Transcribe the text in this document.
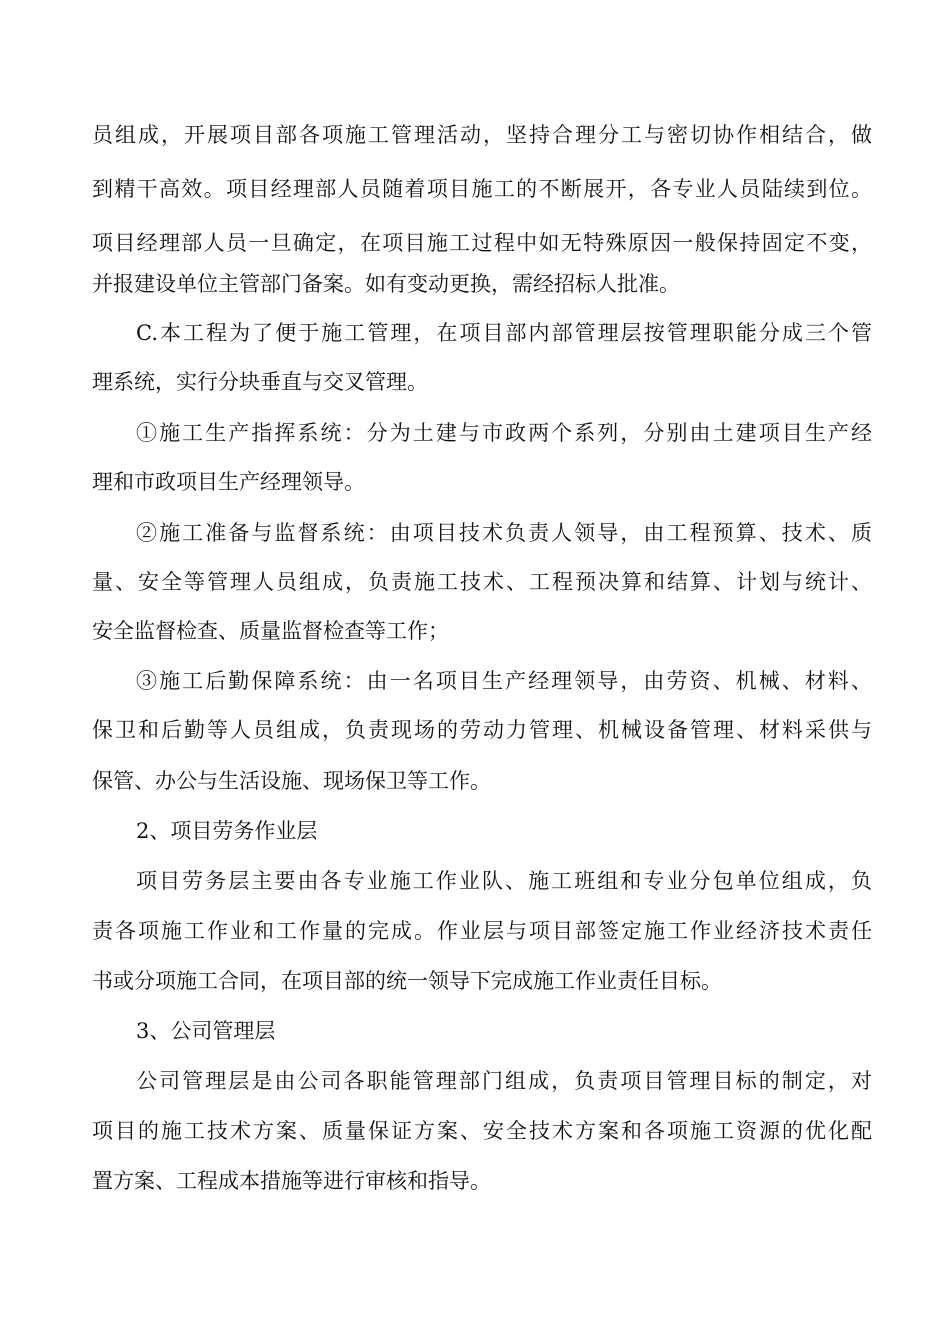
员组成，开展项目部各项施工管理活动，坚持合理分工与密切协作相结合，做
到精干高效。项目经理部人员随着项目施工的不断展开，各专业人员陆续到位。
项目经理部人员一旦确定，在项目施工过程中如无特殊原因一般保持固定不变，
并报建设单位主管部门备案。如有变动更换，需经招标人批准。
C.本工程为了便于施工管理，在项目部内部管理层按管理职能分成三个管
理系统，实行分块垂直与交叉管理。
①施工生产指挥系统：分为土建与市政两个系列，分别由土建项目生产经
理和市政项目生产经理领导。
②施工准备与监督系统：由项目技术负责人领导，由工程预算、技术、质
量、安全等管理人员组成，负责施工技术、工程预决算和结算、计划与统计、
安全监督检查、质量监督检查等工作；
③施工后勤保障系统：由一名项目生产经理领导，由劳资、机械、材料、
保卫和后勤等人员组成，负责现场的劳动力管理、机械设备管理、材料采供与
保管、办公与生活设施、现场保卫等工作。
2、项目劳务作业层
项目劳务层主要由各专业施工作业队、施工班组和专业分包单位组成，负
责各项施工作业和工作量的完成。作业层与项目部签定施工作业经济技术责任
书或分项施工合同，在项目部的统一领导下完成施工作业责任目标。
3、公司管理层
公司管理层是由公司各职能管理部门组成，负责项目管理目标的制定，对
项目的施工技术方案、质量保证方案、安全技术方案和各项施工资源的优化配
置方案、工程成本措施等进行审核和指导。
